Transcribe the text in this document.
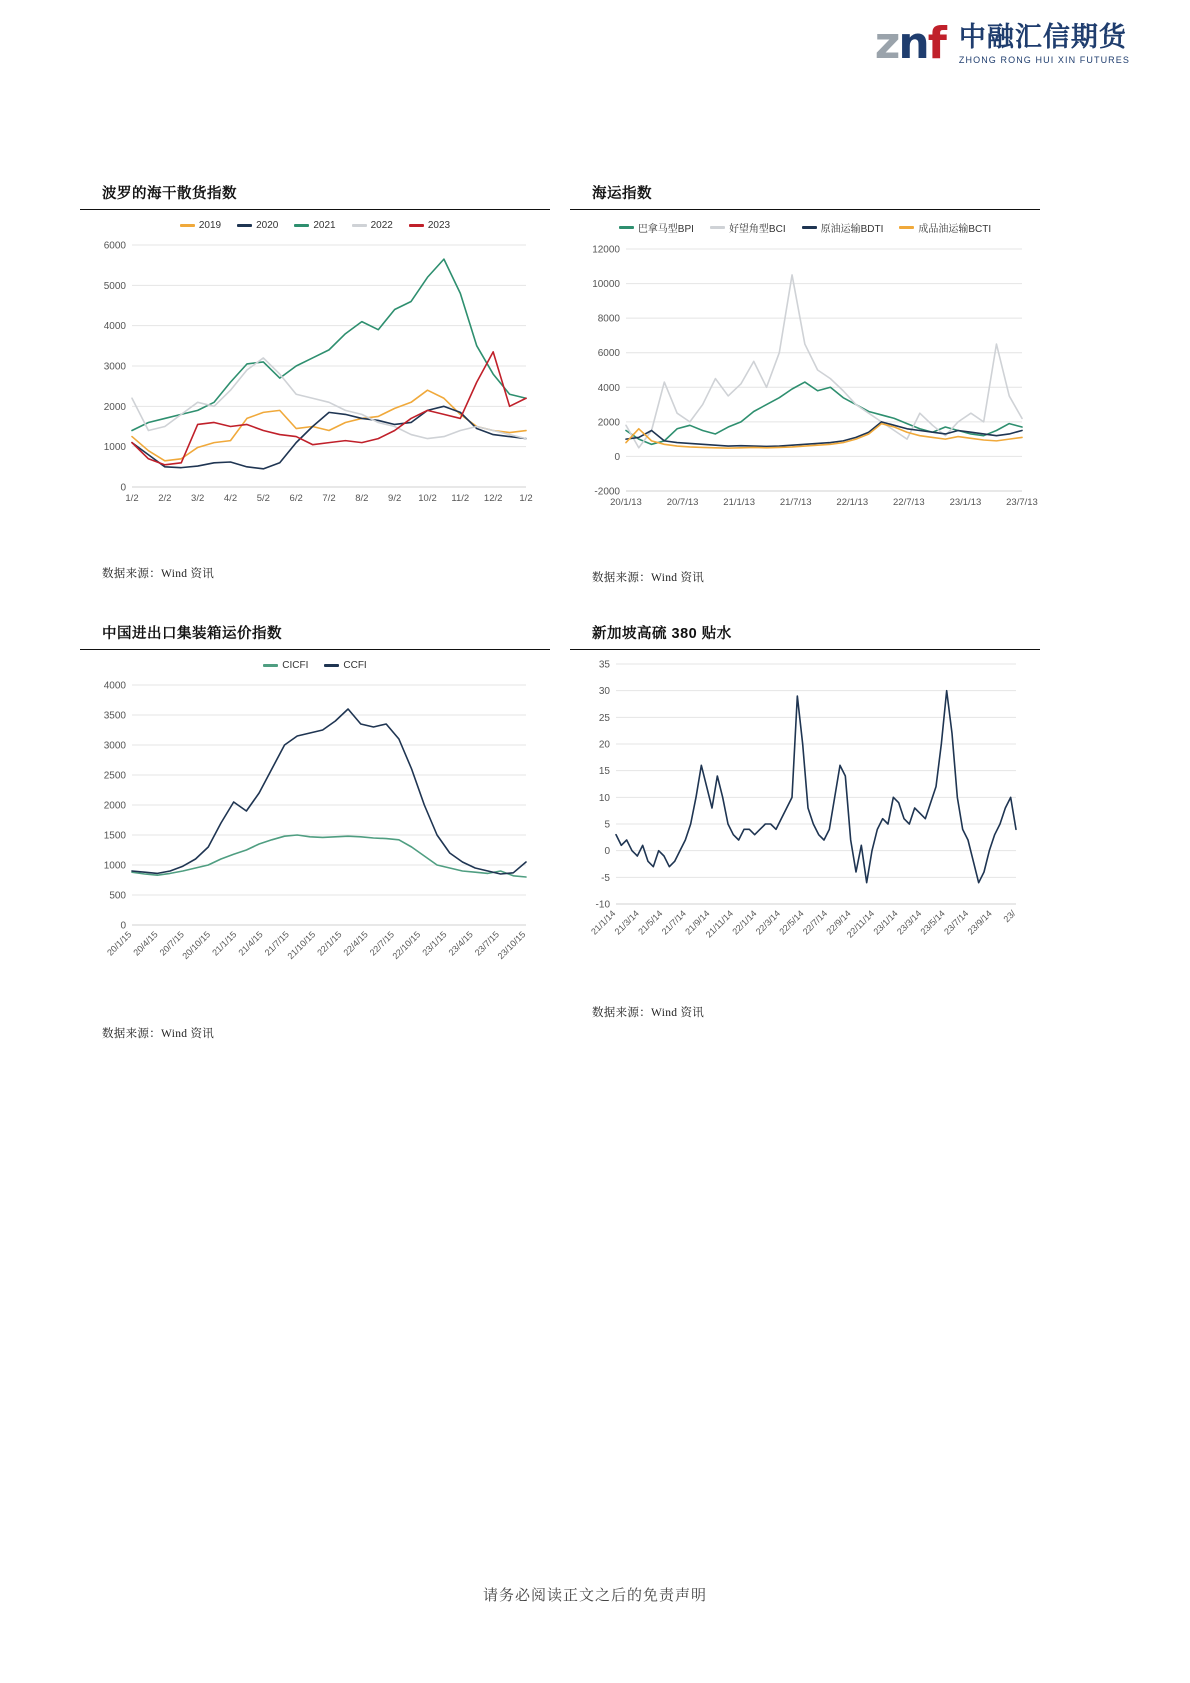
znf 中融汇信期货
ZHONG RONG HUI XIN FUTURES
波罗的海干散货指数
2019	2020	2021	2022	2023
0
1000
2000
3000
4000
5000
6000
1/2 2/2 3/2 4/2 5/2 6/2 7/2 8/2 9/2 10/2 11/2 12/2 1/2
数据来源：Wind 资讯
海运指数
巴拿马型BPI	好望角型BCI	原油运输BDTI	成品油运输BCTI
-2000
0
2000
4000
6000
8000
10000
12000
20/1/13	20/7/13	21/1/13	21/7/13	22/1/13	22/7/13	23/1/13	23/7/13
数据来源：Wind 资讯
中国进出口集装箱运价指数
CICFI	CCFI
0
500
1000
1500
2000
2500
3000
3500
4000
20/1/15
20/4/15
20/7/15
20/10/15
21/1/15
21/4/15
21/7/15
21/10/15
22/1/15
22/4/15
22/7/15
22/10/15
23/1/15
23/4/15
23/7/15
23/10/15
数据来源：Wind 资讯
新加坡高硫 380 贴水
-10
-5
0
5
10
15
20
25
30
35
21/1/14
21/3/14
21/5/14
21/7/14
21/9/14
21/11/14
22/1/14
22/3/14
22/5/14
22/7/14
22/9/14
22/11/14
23/1/14
23/3/14
23/5/14
23/7/14
23/9/14 23/
数据来源：Wind 资讯
请务必阅读正文之后的免责声明
